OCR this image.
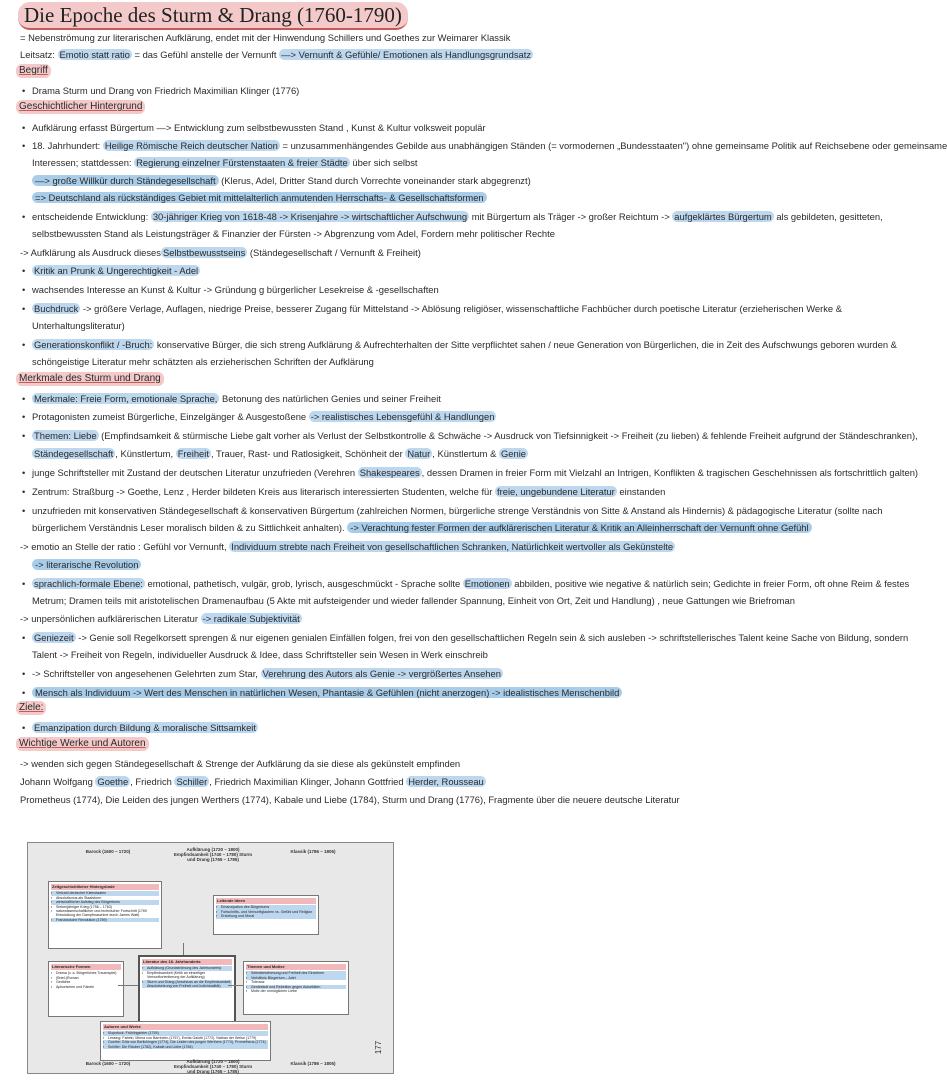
Die Epoche des Sturm & Drang (1760-1790)
= Nebenströmung zur literarischen Aufklärung, endet mit der Hinwendung Schillers und Goethes zur Weimarer Klassik
Leitsatz: Emotio statt ratio = das Gefühl anstelle der Vernunft —> Vernunft & Gefühle/ Emotionen als Handlungsgrundsatz
Begriff
• Drama Sturm und Drang von Friedrich Maximilian Klinger (1776)
Geschichtlicher Hintergrund
• Aufklärung erfasst Bürgertum —> Entwicklung zum selbstbewussten Stand , Kunst & Kultur volksweit populär
• 18. Jahrhundert: Heilige Römische Reich deutscher Nation = unzusammenhängendes Gebilde aus unabhängigen Ständen (= vormodernen „Bundesstaaten") ohne gemeinsame Politik auf Reichsebene oder gemeinsame
Interessen; stattdessen: Regierung einzelner Fürstenstaaten & freier Städte über sich selbst
—> große Willkür durch Ständegesellschaft (Klerus, Adel, Dritter Stand durch Vorrechte voneinander stark abgegrenzt)
=> Deutschland als rückständiges Gebiet mit mittelalterlich anmutenden Herrschafts- & Gesellschaftsformen
• entscheidende Entwicklung: 30-jähriger Krieg von 1618-48 -> Krisenjahre -> wirtschaftlicher Aufschwung mit Bürgertum als Träger -> großer Reichtum -> aufgeklärtes Bürgertum als gebildeten, gesitteten,
selbstbewussten Stand als Leistungsträger & Finanzier der Fürsten -> Abgrenzung vom Adel, Fordern mehr politischer Rechte
-> Aufklärung als Ausdruck dieses Selbstbewusstseins (Ständegesellschaft / Vernunft & Freiheit)
• Kritik an Prunk & Ungerechtigkeit - Adel
• wachsendes Interesse an Kunst & Kultur -> Gründung g bürgerlicher Lesekreise & -gesellschaften
• Buchdruck -> größere Verlage, Auflagen, niedrige Preise, besserer Zugang für Mittelstand -> Ablösung religiöser, wissenschaftliche Fachbücher durch poetische Literatur (erzieherischen Werke &
Unterhaltungsliteratur)
• Generationskonflikt / -Bruch: konservative Bürger, die sich streng Aufklärung & Aufrechterhalten der Sitte verpflichtet sahen / neue Generation von Bürgerlichen, die in Zeit des Aufschwungs geboren wurden &
schöngeistige Literatur mehr schätzten als erzieherischen Schriften der Aufklärung
Merkmale des Sturm und Drang
• Merkmale: Freie Form, emotionale Sprache, Betonung des natürlichen Genies und seiner Freiheit
• Protagonisten zumeist Bürgerliche, Einzelgänger & Ausgestoßene -> realistisches Lebensgefühl & Handlungen
• Themen: Liebe (Empfindsamkeit & stürmische Liebe galt vorher als Verlust der Selbstkontrolle & Schwäche -> Ausdruck von Tiefsinnigkeit -> Freiheit (zu lieben) & fehlende Freiheit aufgrund der Ständeschranken),
Ständegesellschaft , Künstlertum, Freiheit , Trauer, Rast- und Ratlosigkeit, Schönheit der Natur , Künstlertum & Genie
• junge Schriftsteller mit Zustand der deutschen Literatur unzufrieden (Verehren Shakespeares , dessen Dramen in freier Form mit Vielzahl an Intrigen, Konflikten & tragischen Geschehnissen als fortschrittlich galten)
• Zentrum: Straßburg -> Goethe, Lenz , Herder bildeten Kreis aus literarisch interessierten Studenten, welche für freie, ungebundene Literatur einstanden
• unzufrieden mit konservativen Ständegesellschaft & konservativen Bürgertum (zahlreichen Normen, bürgerliche strenge Verständnis von Sitte & Anstand als Hindernis) & pädagogische Literatur (sollte nach
bürgerlichem Verständnis Leser moralisch bilden & zu Sittlichkeit anhalten). -> Verachtung fester Formen der aufklärerischen Literatur & Kritik an Alleinherrschaft der Vernunft ohne Gefühl
-> emotio an Stelle der ratio : Gefühl vor Vernunft, Individuum strebte nach Freiheit von gesellschaftlichen Schranken, Natürlichkeit wertvoller als Gekünstelte
-> literarische Revolution
• sprachlich-formale Ebene: emotional, pathetisch, vulgär, grob, lyrisch, ausgeschmückt - Sprache sollte Emotionen abbilden, positive wie negative & natürlich sein; Gedichte in freier Form, oft ohne Reim & festes
Metrum; Dramen teils mit aristotelischen Dramenaufbau (5 Akte mit aufsteigender und wieder fallender Spannung, Einheit von Ort, Zeit und Handlung) , neue Gattungen wie Briefroman
-> unpersönlichen aufklärerischen Literatur -> radikale Subjektivität
• Geniezeit -> Genie soll Regelkorsett sprengen & nur eigenen genialen Einfällen folgen, frei von den gesellschaftlichen Regeln sein & sich ausleben -> schriftstellerisches Talent keine Sache von Bildung, sondern
Talent -> Freiheit von Regeln, individueller Ausdruck & Idee, dass Schriftsteller sein Wesen in Werk einschreib
• -> Schriftsteller von angesehenen Gelehrten zum Star, Verehrung des Autors als Genie -> vergrößertes Ansehen
• Mensch als Individuum -> Wert des Menschen in natürlichen Wesen, Phantasie & Gefühlen (nicht anerzogen) -> idealistisches Menschenbild
Ziele:
• Emanzipation durch Bildung & moralische Sittsamkeit
Wichtige Werke und Autoren
-> wenden sich gegen Ständegesellschaft & Strenge der Aufklärung da sie diese als gekünstelt empfinden
Johann Wolfgang Goethe , Friedrich Schiller , Friedrich Maximilian Klinger, Johann Gottfried Herder, Rousseau
Prometheus (1774), Die Leiden des jungen Werthers (1774), Kabale und Liebe (1784), Sturm und Drang (1776), Fragmente über die neuere deutsche Literatur
Barock (1600 – 1720)	Aufklärung (1720 – 1800) Empfindsamkeit (1740 – 1780) Sturm und Drang (1765 – 1785)
Klassik (1786 – 1805)
Zeitgeschichtlicher Hintergründe
▪ Vielzahl deutscher Kleinstaaten
▪ Absolutismus als Staatsform
▪ wirtschaftlicher Aufstieg des Bürgertums
▪ Siebenjähriger Krieg (1756 – 1763)
▪ naturwissenschaftlicher und technischer Fortschritt (1769 Entwicklung der Dampfmaschine durch James Watt)
▪ Französische Revolution (1789)
Leitende Ideen
▪ Emanzipation des Bürgertums
▪ Fortschritts- und Vernunftglauben vs. Gefühl und Religion
▪ Erziehung und Moral
Literarische Formen
▪ Drama (v. a. Bürgerliches Trauerspiel)
▪ (Brief-)Roman
▪ Gedichte
▪ Aphorismen und Fabeln
Literatur des 18. Jahrhunderts
▪ Aufklärung (Grundströmung des Jahrhunderts)
▪ Empfindsamkeit (Kritik an einseitiger Vernunftorientierung der Aufklärung)
▪ Sturm und Drang (Anschluss an die Empfindsamkeit; Absolutsetzung von Freiheit und Individualität)
Themen und Motive
▪ Selbstbestimmung und Freiheit des Einzelnen
▪ Verhältnis Bürgertum – Adel
▪ Toleranz
▪ Genieekult und Rebellion gegen Autoritäten
▪ Motiv der unmöglichen Liebe
Autoren und Werke
▪ Klopstock: Frühlingsfeier (1759)
▪ Lessing: Fabeln; Minna von Barnhelm (1767), Emilia Galotti (1772), Nathan der Weise (1779)
▪ Goethe: Götz von Berlichingen (1774), Die Leiden des jungen Werthers (1774), Prometheus (1774)
▪ Schiller: Die Räuber (1782), Kabale und Liebe (1784)
Barock (1600 – 1720)	Aufklärung (1720 – 1800) Empfindsamkeit (1740 – 1780) Sturm und Drang (1765 – 1785)
Klassik (1786 – 1805)
177
